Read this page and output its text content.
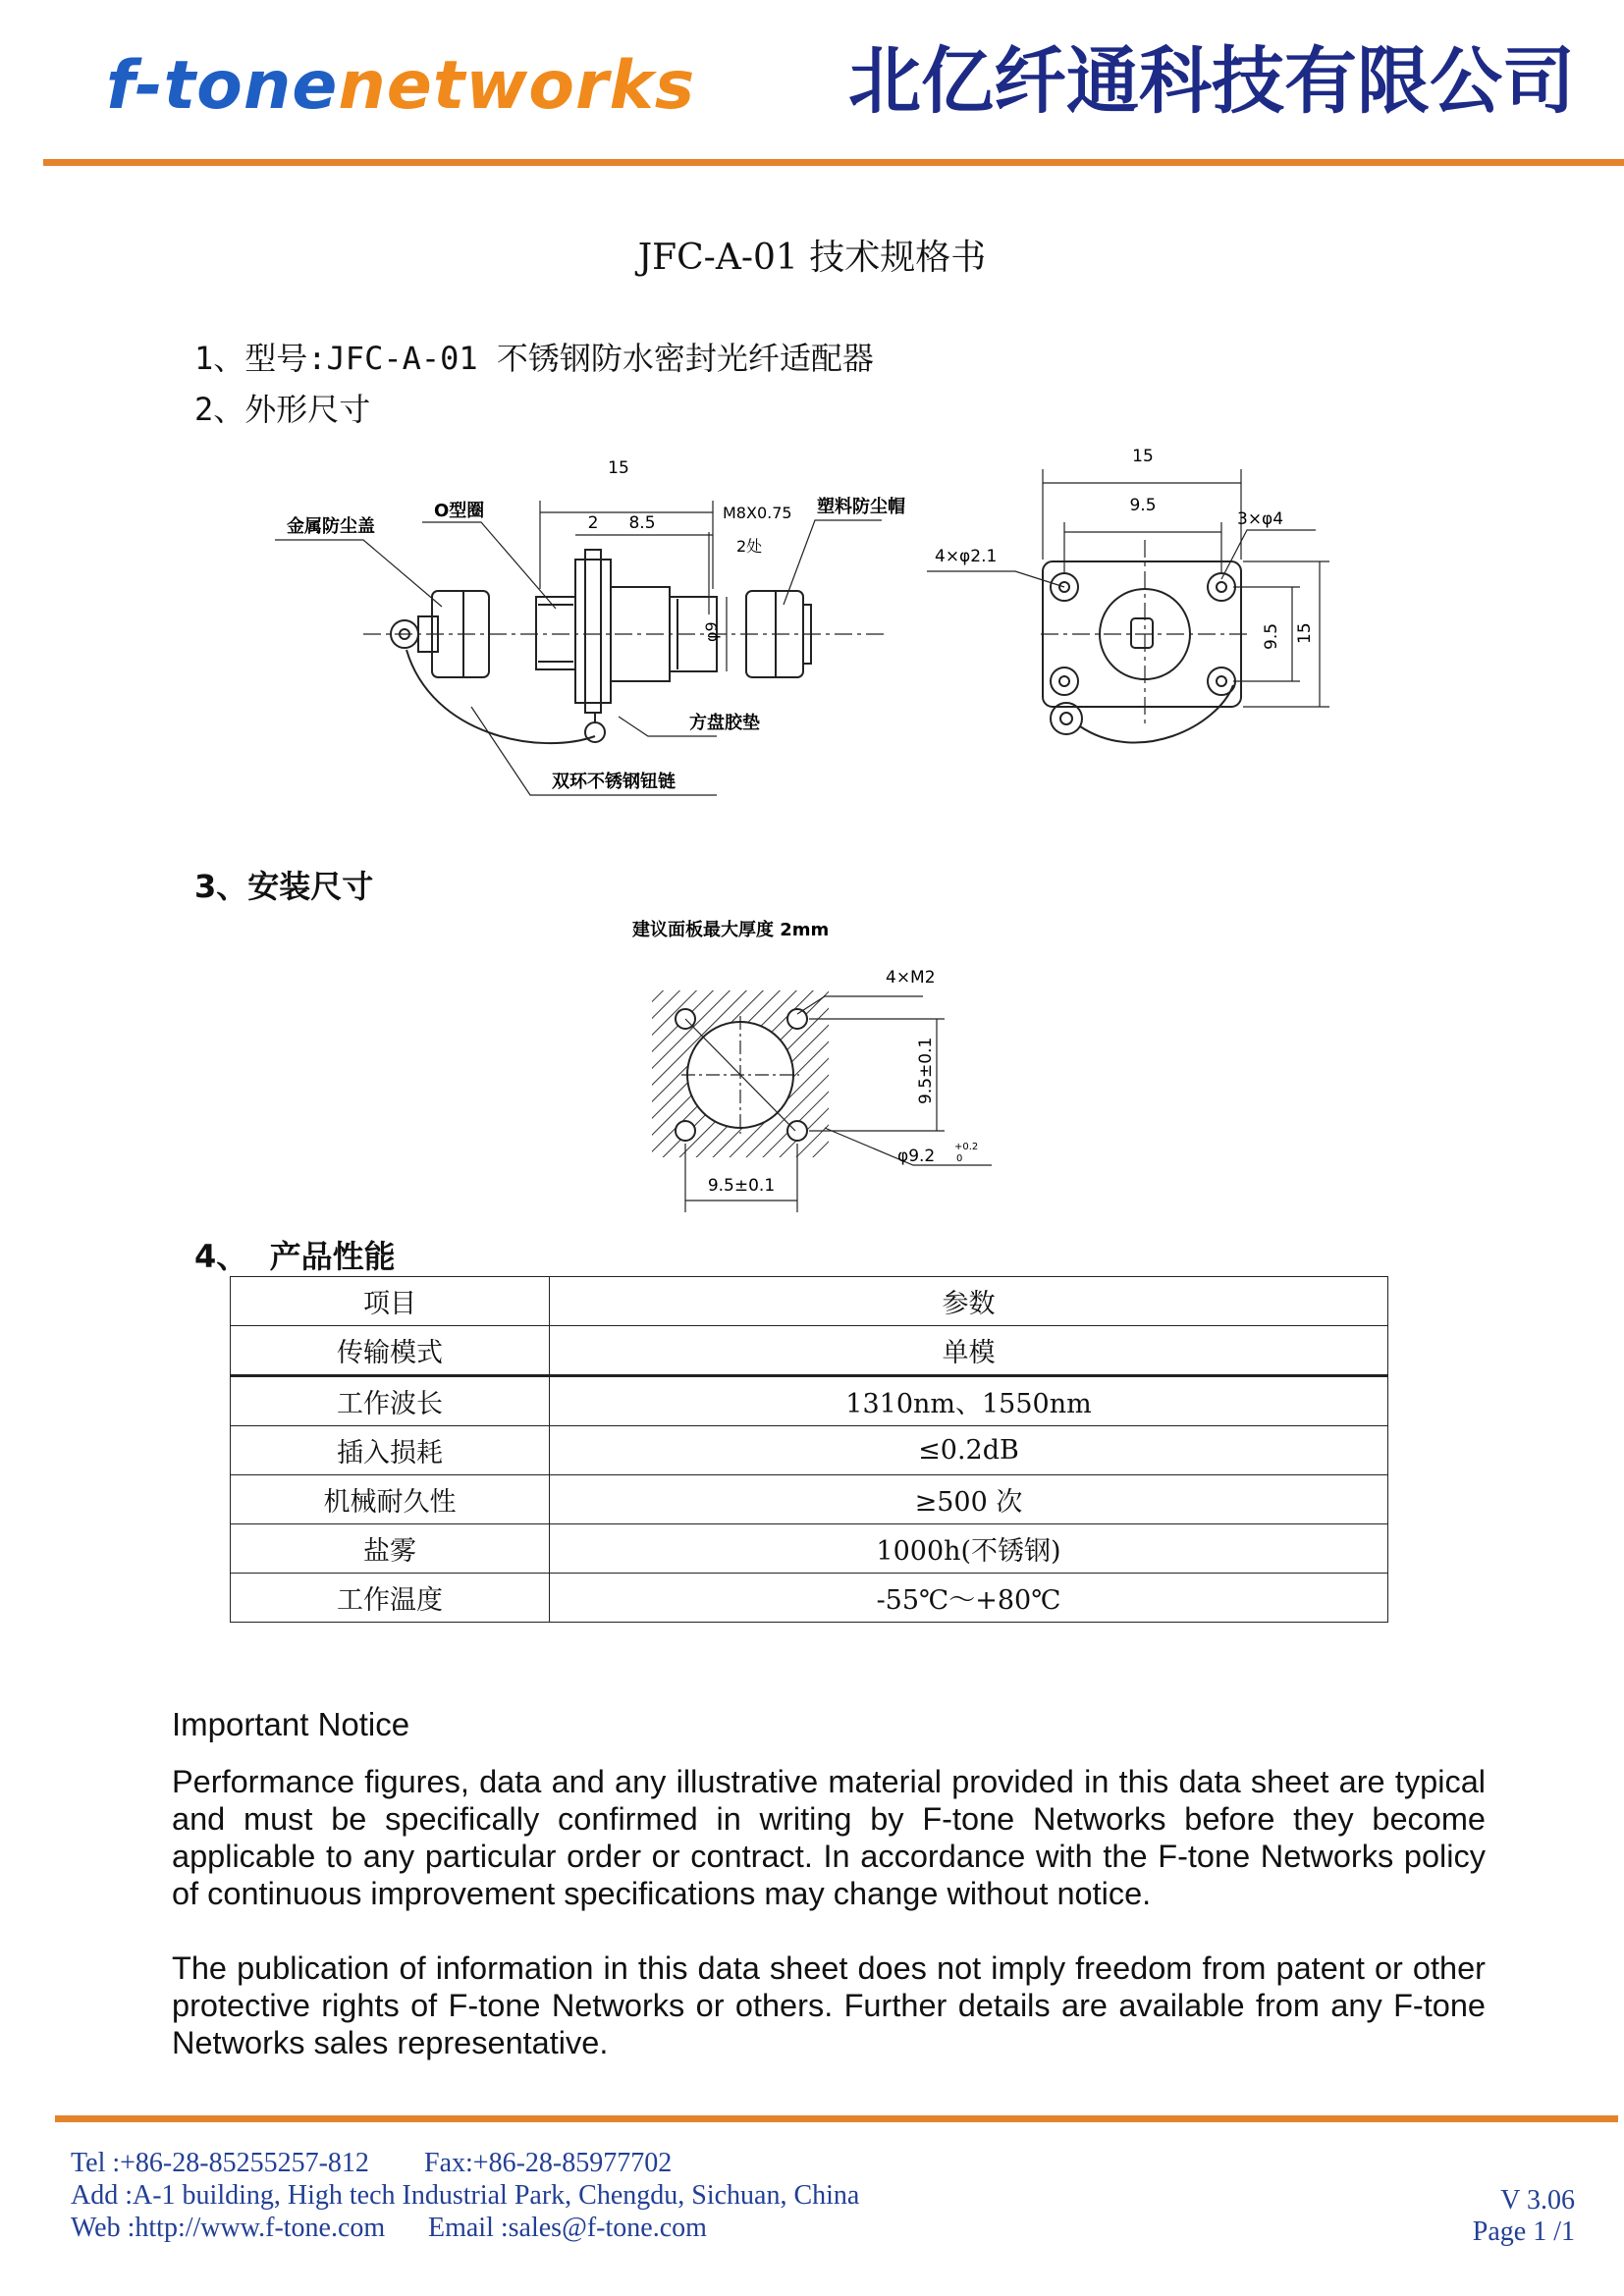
f-tonenetworks 北亿纤通科技有限公司
JFC-A-01 技术规格书
1、型号:JFC-A-01 不锈钢防水密封光纤适配器
2、外形尺寸
15
2 8.5
M8X0.75
2处
金属防尘盖
O型圈	塑料防尘帽
φ9
方盘胶垫
双环不锈钢钮链
15
9.5
4×φ2.1
3×φ4
9.5 15
3、安装尺寸
建议面板最大厚度 2mm
4×M2
9.5±0.1
φ9.2 +0.2
0
9.5±0.1
4、 产品性能
项目	参数
传输模式	单模
工作波长	1310nm、1550nm
插入损耗	≤0.2dB
机械耐久性	≥500 次
盐雾	1000h(不锈钢)
工作温度	-55℃～+80℃
Important Notice
Performance figures, data and any illustrative material provided in this data sheet are typical and must be specifically confirmed in writing by F-tone Networks before they become applicable to any particular order or contract. In accordance with the F-tone Networks policy of continuous improvement specifications may change without notice.
The publication of information in this data sheet does not imply freedom from patent or other protective rights of F-tone Networks or others. Further details are available from any F-tone Networks sales representative.
Tel :+86-28-85255257-812 Fax:+86-28-85977702
Add :A-1 building, High tech Industrial Park, Chengdu, Sichuan, China
Web :http://www.f-tone.com Email :sales@f-tone.com
V 3.06
Page 1 /1
